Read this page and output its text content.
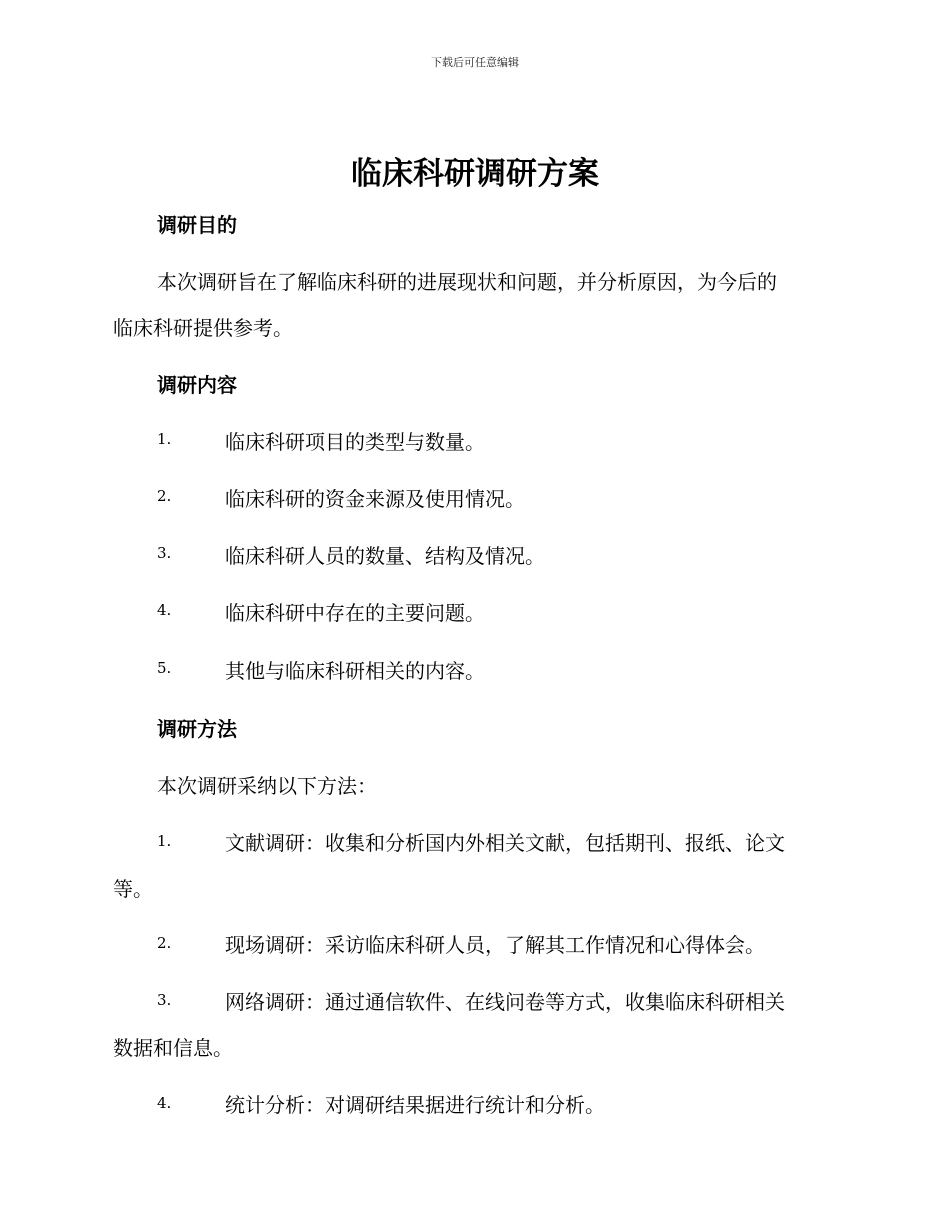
下载后可任意编辑
临床科研调研方案
调研目的
本次调研旨在了解临床科研的进展现状和问题，并分析原因，为今后的
临床科研提供参考。
调研内容
1.	临床科研项目的类型与数量。
2.	临床科研的资金来源及使用情况。
3.	临床科研人员的数量、结构及情况。
4.	临床科研中存在的主要问题。
5.	其他与临床科研相关的内容。
调研方法
本次调研采纳以下方法：
1.	文献调研：收集和分析国内外相关文献，包括期刊、报纸、论文
等。
2.	现场调研：采访临床科研人员，了解其工作情况和心得体会。
3.	网络调研：通过通信软件、在线问卷等方式，收集临床科研相关
数据和信息。
4.	统计分析：对调研结果据进行统计和分析。
